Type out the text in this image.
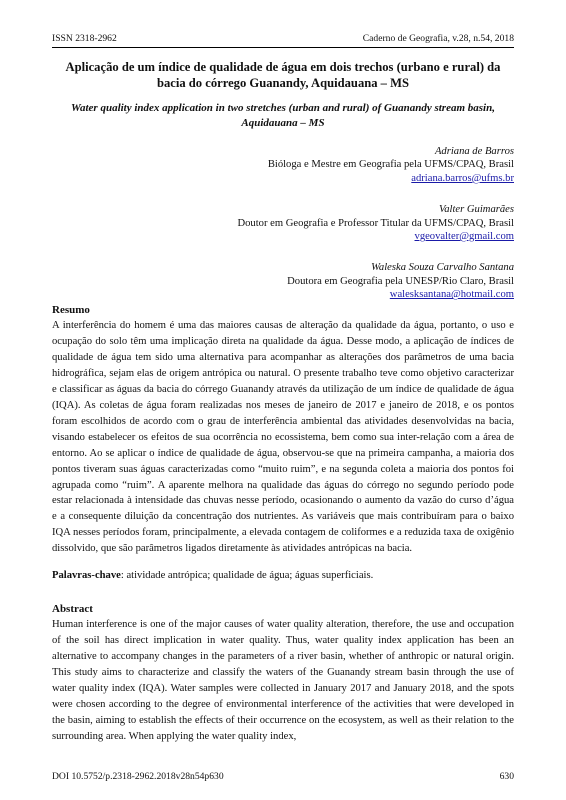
ISSN 2318-2962	Caderno de Geografia, v.28, n.54, 2018
Aplicação de um índice de qualidade de água em dois trechos (urbano e rural) da bacia do córrego Guanandy, Aquidauana – MS
Water quality index application in two stretches (urban and rural) of Guanandy stream basin, Aquidauana – MS
Adriana de Barros
Bióloga e Mestre em Geografia pela UFMS/CPAQ, Brasil
adriana.barros@ufms.br
Valter Guimarães
Doutor em Geografia e Professor Titular da UFMS/CPAQ, Brasil
vgeovalter@gmail.com
Waleska Souza Carvalho Santana
Doutora em Geografia pela UNESP/Rio Claro, Brasil
walesksantana@hotmail.com
Resumo
A interferência do homem é uma das maiores causas de alteração da qualidade da água, portanto, o uso e ocupação do solo têm uma implicação direta na qualidade da água. Desse modo, a aplicação de índices de qualidade de água tem sido uma alternativa para acompanhar as alterações dos parâmetros de uma bacia hidrográfica, sejam elas de origem antrópica ou natural. O presente trabalho teve como objetivo caracterizar e classificar as águas da bacia do córrego Guanandy através da utilização de um índice de qualidade de água (IQA). As coletas de água foram realizadas nos meses de janeiro de 2017 e janeiro de 2018, e os pontos foram escolhidos de acordo com o grau de interferência ambiental das atividades desenvolvidas na bacia, visando estabelecer os efeitos de sua ocorrência no ecossistema, bem como sua inter-relação com a área de entorno. Ao se aplicar o índice de qualidade de água, observou-se que na primeira campanha, a maioria dos pontos tiveram suas águas caracterizadas como “muito ruim”, e na segunda coleta a maioria dos pontos foi agrupada como “ruim”. A aparente melhora na qualidade das águas do córrego no segundo período pode estar relacionada à intensidade das chuvas nesse período, ocasionando o aumento da vazão do curso d’água e a consequente diluição da concentração dos nutrientes. As variáveis que mais contribuíram para o baixo IQA nesses períodos foram, principalmente, a elevada contagem de coliformes e a reduzida taxa de oxigênio dissolvido, que são parâmetros ligados diretamente às atividades antrópicas na bacia.
Palavras-chave: atividade antrópica; qualidade de água; águas superficiais.
Abstract
Human interference is one of the major causes of water quality alteration, therefore, the use and occupation of the soil has direct implication in water quality. Thus, water quality index application has been an alternative to accompany changes in the parameters of a river basin, whether of anthropic or natural origin. This study aims to characterize and classify the waters of the Guanandy stream basin through the use of water quality index (IQA). Water samples were collected in January 2017 and January 2018, and the spots were chosen according to the degree of environmental interference of the activities that were developed in the basin, aiming to establish the effects of their occurrence on the ecosystem, as well as their relation to the surrounding area. When applying the water quality index,
DOI 10.5752/p.2318-2962.2018v28n54p630	630
